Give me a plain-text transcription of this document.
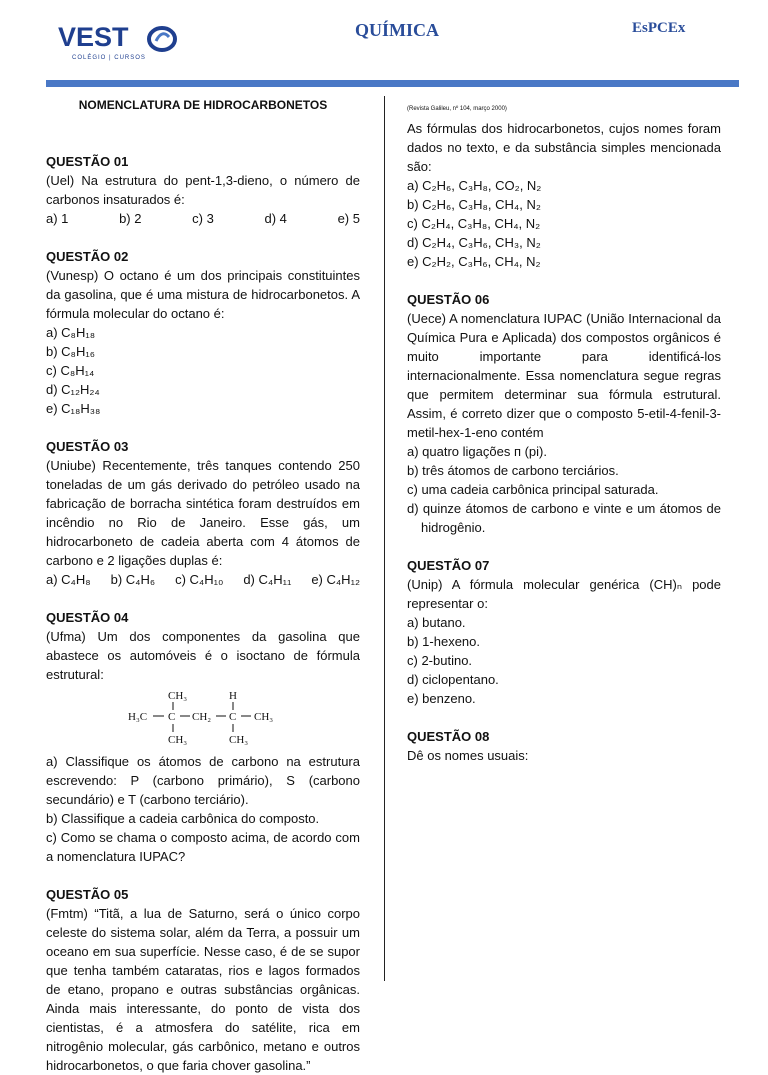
VEST
COLÉGIO | CURSOS
QUÍMICA	EsPCEx

NOMENCLATURA DE HIDROCARBONETOS

QUESTÃO 01

(Uel) Na estrutura do pent-1,3-dieno, o número de carbonos insaturados é:

a) 1	b) 2	c) 3	d) 4	e) 5

QUESTÃO 02

(Vunesp) O octano é um dos principais constituintes da gasolina, que é uma mistura de hidrocarbonetos. A fórmula molecular do octano é:

a) C₈H₁₈

b) C₈H₁₆

c) C₈H₁₄

d) C₁₂H₂₄

e) C₁₈H₃₈

QUESTÃO 03

(Uniube) Recentemente, três tanques contendo 250 toneladas de um gás derivado do petróleo usado na fabricação de borracha sintética foram destruídos em incêndio no Rio de Janeiro. Esse gás, um hidrocarboneto de cadeia aberta com 4 átomos de carbono e 2 ligações duplas é:

a) C₄H₈ b) C₄H₆ c) C₄H₁₀ d) C₄H₁₁ e) C₄H₁₂

QUESTÃO 04

(Ufma) Um dos componentes da gasolina que abastece os automóveis é o isoctano de fórmula estrutural:

CH₃	H
H₃C C CH₂ C CH₃
CH₃	CH₃

a) Classifique os átomos de carbono na estrutura escrevendo: P (carbono primário), S (carbono secundário) e T (carbono terciário).

b) Classifique a cadeia carbônica do composto.

c) Como se chama o composto acima, de acordo com a nomenclatura IUPAC?

QUESTÃO 05

(Fmtm) “Titã, a lua de Saturno, será o único corpo celeste do sistema solar, além da Terra, a possuir um oceano em sua superfície. Nesse caso, é de se supor que tenha também cataratas, rios e lagos formados de etano, propano e outras substâncias orgânicas. Ainda mais interessante, do ponto de vista dos cientistas, é a atmosfera do satélite, rica em nitrogênio molecular, gás carbônico, metano e outros hidrocarbonetos, o que faria chover gasolina.”

(Revista Galileu, nº 104, março 2000)

As fórmulas dos hidrocarbonetos, cujos nomes foram dados no texto, e da substância simples mencionada são:

a) C₂H₆, C₃H₈, CO₂, N₂

b) C₂H₆, C₃H₈, CH₄, N₂

c) C₂H₄, C₃H₈, CH₄, N₂

d) C₂H₄, C₃H₆, CH₃, N₂

e) C₂H₂, C₃H₆, CH₄, N₂

QUESTÃO 06

(Uece) A nomenclatura IUPAC (União Internacional da Química Pura e Aplicada) dos compostos orgânicos é muito importante para identificá-los internacionalmente. Essa nomenclatura segue regras que permitem determinar sua fórmula estrutural. Assim, é correto dizer que o composto 5-etil-4-fenil-3-metil-hex-1-eno contém

a) quatro ligações ᴨ (pi).

b) três átomos de carbono terciários.

c) uma cadeia carbônica principal saturada.

d) quinze átomos de carbono e vinte e um átomos de hidrogênio.

QUESTÃO 07

(Unip) A fórmula molecular genérica (CH)ₙ pode representar o:

a) butano.

b) 1-hexeno.

c) 2-butino.

d) ciclopentano.

e) benzeno.

QUESTÃO 08

Dê os nomes usuais:
